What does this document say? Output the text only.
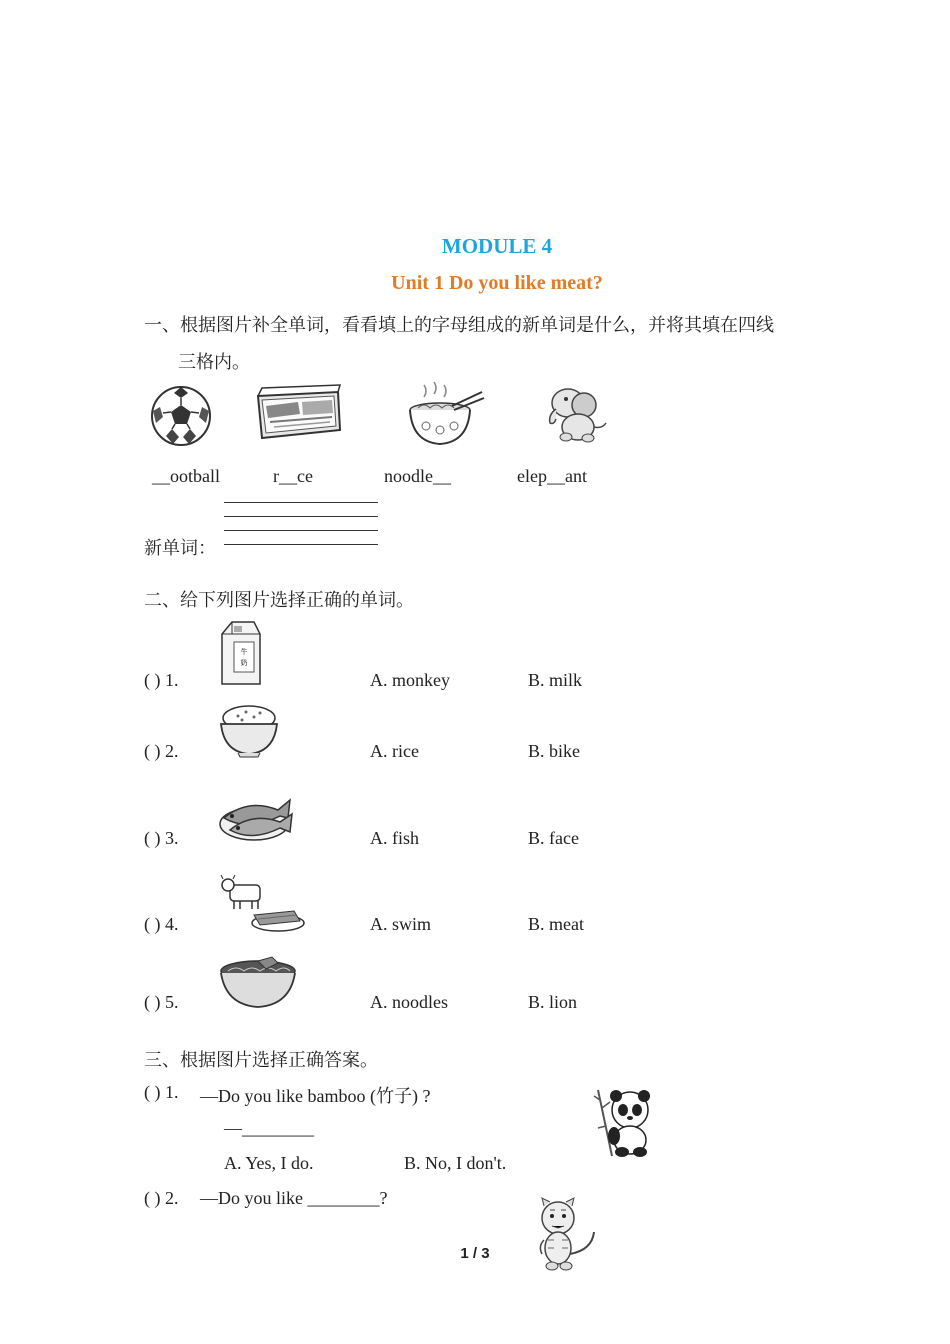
MODULE 4
Unit 1 Do you like meat?
一、根据图片补全单词，看看填上的字母组成的新单词是什么，并将其填在四线
三格内。
__ootball	r__ce	noodle__	elep__ant
新单词：
二、给下列图片选择正确的单词。
牛
奶
( ) 1.	A. monkey	B. milk
( ) 2.	A. rice	B. bike
( ) 3.	A. fish	B. face
( ) 4.	A. swim	B. meat
( ) 5.	A. noodles	B. lion
三、根据图片选择正确答案。
( ) 1. —Do you like bamboo (竹子) ?
—________
A. Yes, I do.	B. No, I don't.
( ) 2. —Do you like ________?
1 / 3
